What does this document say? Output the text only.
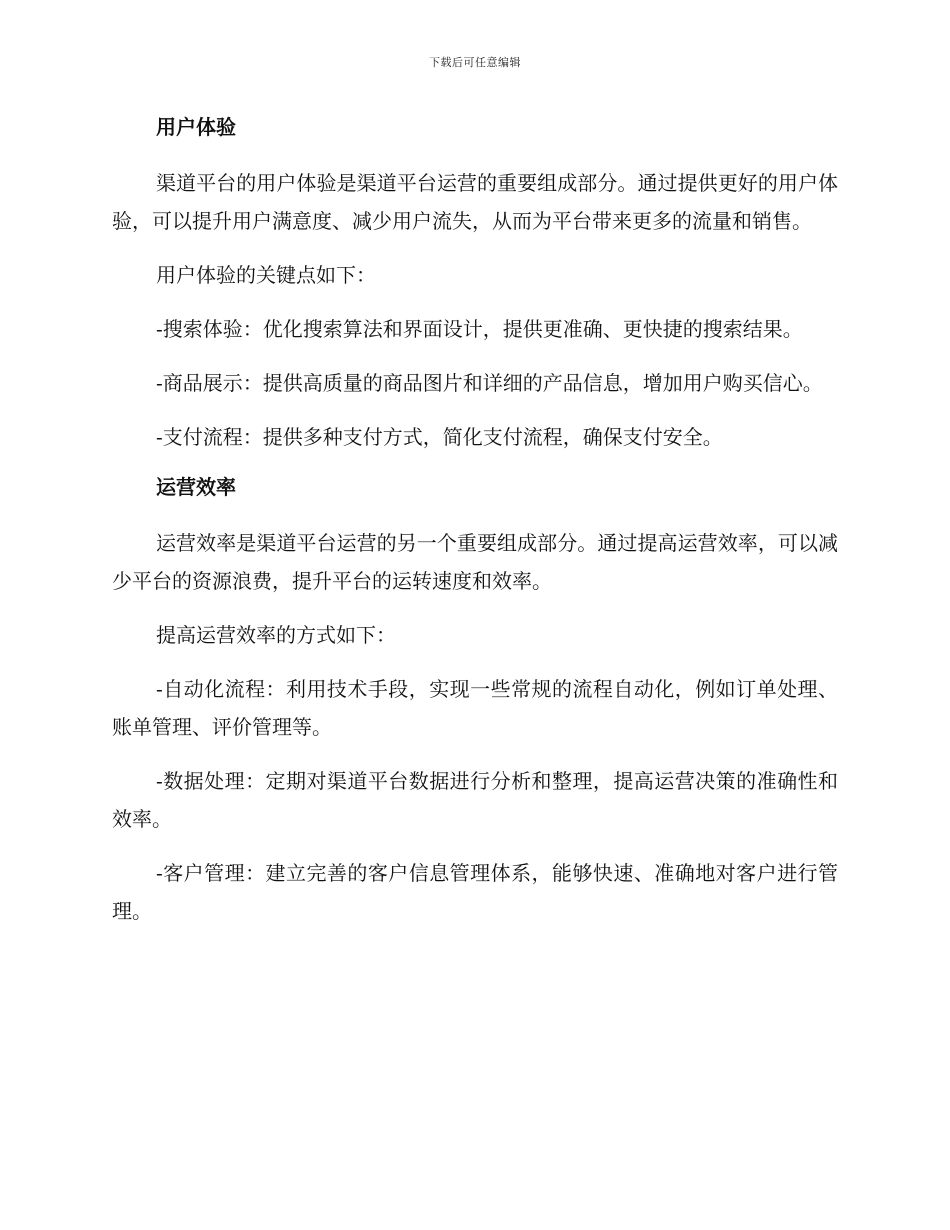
下载后可任意编辑
用户体验

渠道平台的用户体验是渠道平台运营的重要组成部分。通过提供更好的用户体验，可以提升用户满意度、减少用户流失，从而为平台带来更多的流量和销售。

用户体验的关键点如下：

-搜索体验：优化搜索算法和界面设计，提供更准确、更快捷的搜索结果。

-商品展示：提供高质量的商品图片和详细的产品信息，增加用户购买信心。

-支付流程：提供多种支付方式，简化支付流程，确保支付安全。

运营效率

运营效率是渠道平台运营的另一个重要组成部分。通过提高运营效率，可以减少平台的资源浪费，提升平台的运转速度和效率。

提高运营效率的方式如下：

-自动化流程：利用技术手段，实现一些常规的流程自动化，例如订单处理、账单管理、评价管理等。

-数据处理：定期对渠道平台数据进行分析和整理，提高运营决策的准确性和效率。

-客户管理：建立完善的客户信息管理体系，能够快速、准确地对客户进行管理。
